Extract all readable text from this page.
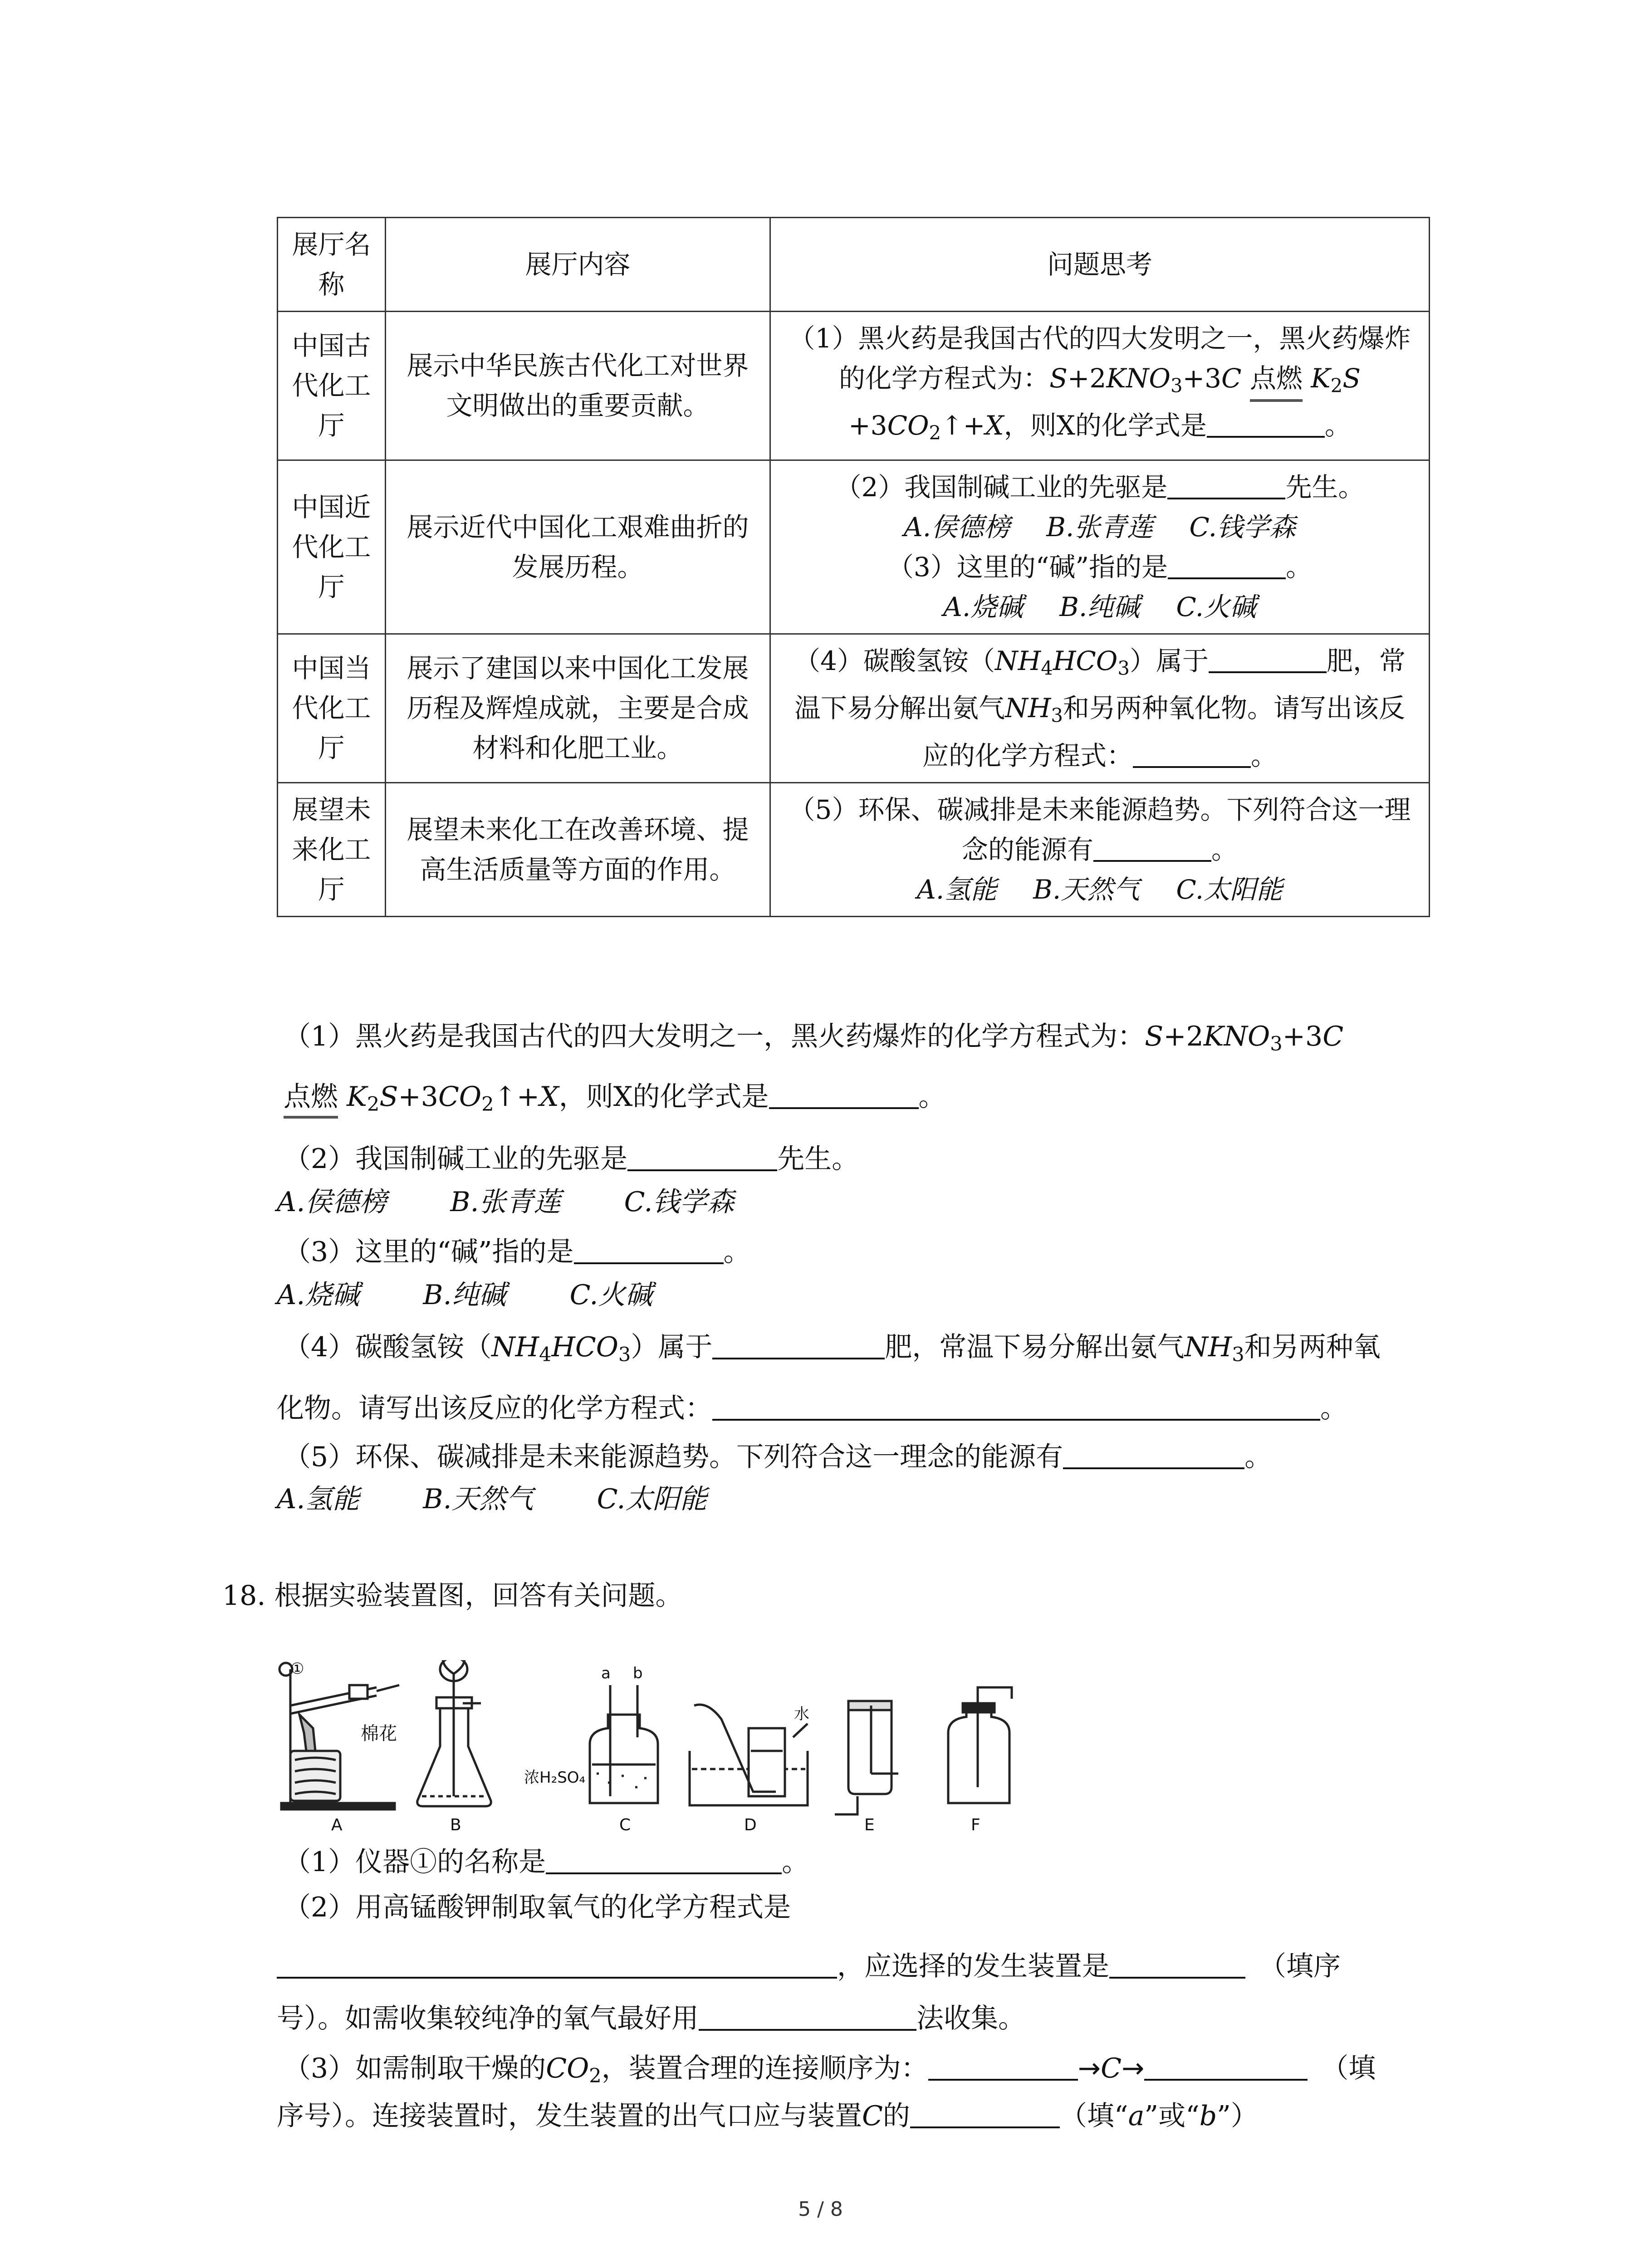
展厅名称	展厅内容	问题思考
中国古代化工厅	展示中华民族古代化工对世界文明做出的重要贡献。	（1）黑火药是我国古代的四大发明之一，黑火药爆炸的化学方程式为：$S+2KNO_3+3C$ 点燃 $K_2S$ $+3CO_2↑+X$，则X的化学式是 。
中国近代化工厅	展示近代中国化工艰难曲折的发展历程。	（2）我国制碱工业的先驱是 先生。
A.侯德榜 B.张青莲 C.钱学森
（3）这里的“碱”指的是 。
A.烧碱 B.纯碱 C.火碱
中国当代化工厅	展示了建国以来中国化工发展历程及辉煌成就，主要是合成材料和化肥工业。	（4）碳酸氢铵$(NH_4HCO_3)$属于 肥，常温下易分解出氨气$NH_3$和另两种氧化物。请写出该反应的化学方程式： 。
展望未来化工厅	展望未来化工在改善环境、提高生活质量等方面的作用。	（5）环保、碳减排是未来能源趋势。下列符合这一理念的能源有 。
A.氢能 B.天然气 C.太阳能
（1）黑火药是我国古代的四大发明之一，黑火药爆炸的化学方程式为：$S+2KNO_3+3C$
点燃 $K_2S+3CO_2↑+X$，则X的化学式是	。
（2）我国制碱工业的先驱是	先生。
A.侯德榜 B.张青莲 C.钱学森
（3）这里的“碱”指的是	。
A.烧碱 B.纯碱 C.火碱
（4）碳酸氢铵$(NH_4HCO_3)$属于	肥，常温下易分解出氨气$NH_3$和另两种氧
化物。请写出该反应的化学方程式：	。
（5）环保、碳减排是未来能源趋势。下列符合这一理念的能源有	。
A.氢能 B.天然气 C.太阳能
18. 根据实验装置图，回答有关问题。
①
棉花
A	B
浓H₂SO₄
a b
C
水
D	E	F
（1）仪器①的名称是	。
（2）用高锰酸钾制取氧气的化学方程式是
，应选择的发生装置是	（填序
号）。如需收集较纯净的氧气最好用	法收集。
（3）如需制取干燥的$CO_2$，装置合理的连接顺序为：	→C→	（填
序号）。连接装置时，发生装置的出气口应与装置C的	（填“a”或“b”）
5 / 8
